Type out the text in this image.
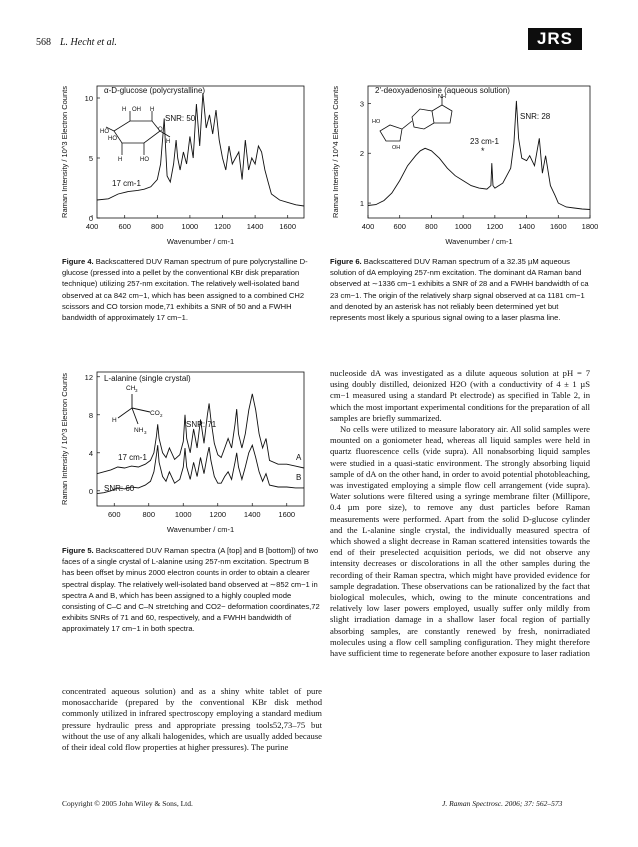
568 L. Hecht et al.	JRS
400	600	800 1000 1200 1400 1600
0
5
10
Wavenumber / cm-1
Raman Intensity / 10^3 Electron Counts	α-D-glucose (polycrystalline)
SNR: 50
17 cm-1
600	800	1000 1200 1400 1600
0
4
8
12
Wavenumber / cm-1
Raman Intensity / 10^3 Electron Counts	L-alanine (single crystal)
A
B
SNR: 71
17 cm-1
SNR: 60
400	600	800 1000 1200 1400 1600 1800
1
2
3
Wavenumber / cm-1
Raman Intensity / 10^4 Electron Counts	2'-deoxyadenosine (aqueous solution)
SNR: 28
23 cm-1
*
H OH
HO
HO
H
O
H	HO
H
CH 3
H
CO 2
NH 3
HO
OH
NH
Figure 4. Backscattered DUV Raman spectrum of pure polycrystalline D-glucose (pressed into a pellet by the conventional KBr disk preparation technique) utilizing 257-nm excitation. The relatively well-isolated band observed at ca 842 cm−1, which has been assigned to a combined CH2 scissors and CO torsion mode,71 exhibits a SNR of 50 and a FWHH bandwidth of approximately 17 cm−1.
Figure 5. Backscattered DUV Raman spectra (A [top] and B [bottom]) of two faces of a single crystal of L-alanine using 257-nm excitation. Spectrum B has been offset by minus 2000 electron counts in order to obtain a clearer spectral display. The relatively well-isolated band observed at ∼852 cm−1 in spectra A and B, which has been assigned to a highly coupled mode consisting of C–C and C–N stretching and CO2− deformation coordinates,72 exhibits SNRs of 71 and 60, respectively, and a FWHH bandwidth of approximately 17 cm−1 in both spectra.
Figure 6. Backscattered DUV Raman spectrum of a 32.35 µM aqueous solution of dA employing 257-nm excitation. The dominant dA Raman band observed at ∼1336 cm−1 exhibits a SNR of 28 and a FWHH bandwidth of ca 23 cm−1. The origin of the relatively sharp signal observed at ca 1181 cm−1 and denoted by an asterisk has not reliably been determined yet but represents most likely a spurious signal owing to a laser plasma line.

concentrated aqueous solution) and as a shiny white tablet of pure monosaccharide (prepared by the conventional KBr disk method commonly utilized in infrared spectroscopy employing a standard medium pressure hydraulic press and appropriate pressing tools52,73–75 but without the use of any alkali halogenides, which are usually added because of their ideal cold flow properties at higher pressures). The purine

nucleoside dA was investigated as a dilute aqueous solution at pH = 7 using doubly distilled, deionized H2O (with a conductivity of 4 ± 1 µS cm−1 measured using a standard Pt electrode) as specified in Table 2, in which the most important experimental conditions for the preparation of all samples are briefly summarized.

No cells were utilized to measure laboratory air. All solid samples were mounted on a goniometer head, whereas all liquid samples were held in quartz fluorescence cells (vide supra). All nonabsorbing liquid samples were studied in a quasi-static environment. The strongly absorbing liquid sample of dA on the other hand, in order to avoid potential photobleaching, was investigated employing a simple flow cell arrangement (vide supra). Water solutions were filtered using a syringe membrane filter (Millipore, 0.4 µm pore size), to remove any dust particles before Raman measurements were performed. Apart from the solid D-glucose cylinder and the L-alanine single crystal, the individually measured spectra of which showed a slight decrease in Raman scattered intensities towards the end of their preselected acquisition periods, we did not observe any intensity decreases or discolorations in all the other samples during the recording of their Raman spectra, which might have provided evidence for sample degradation. These observations can be rationalized by the fact that biological molecules, which, owing to the minute concentrations and relatively low laser powers employed, usually suffer only mildly from slight irradiation damage in a shallow laser focal region of partially absorbing samples, are constantly renewed by fresh, nonirradiated molecules using a flow cell sampling configuration. They might therefore have sufficient time to regenerate before another exposure to laser radiation

Copyright © 2005 John Wiley & Sons, Ltd.	J. Raman Spectrosc. 2006; 37: 562–573
